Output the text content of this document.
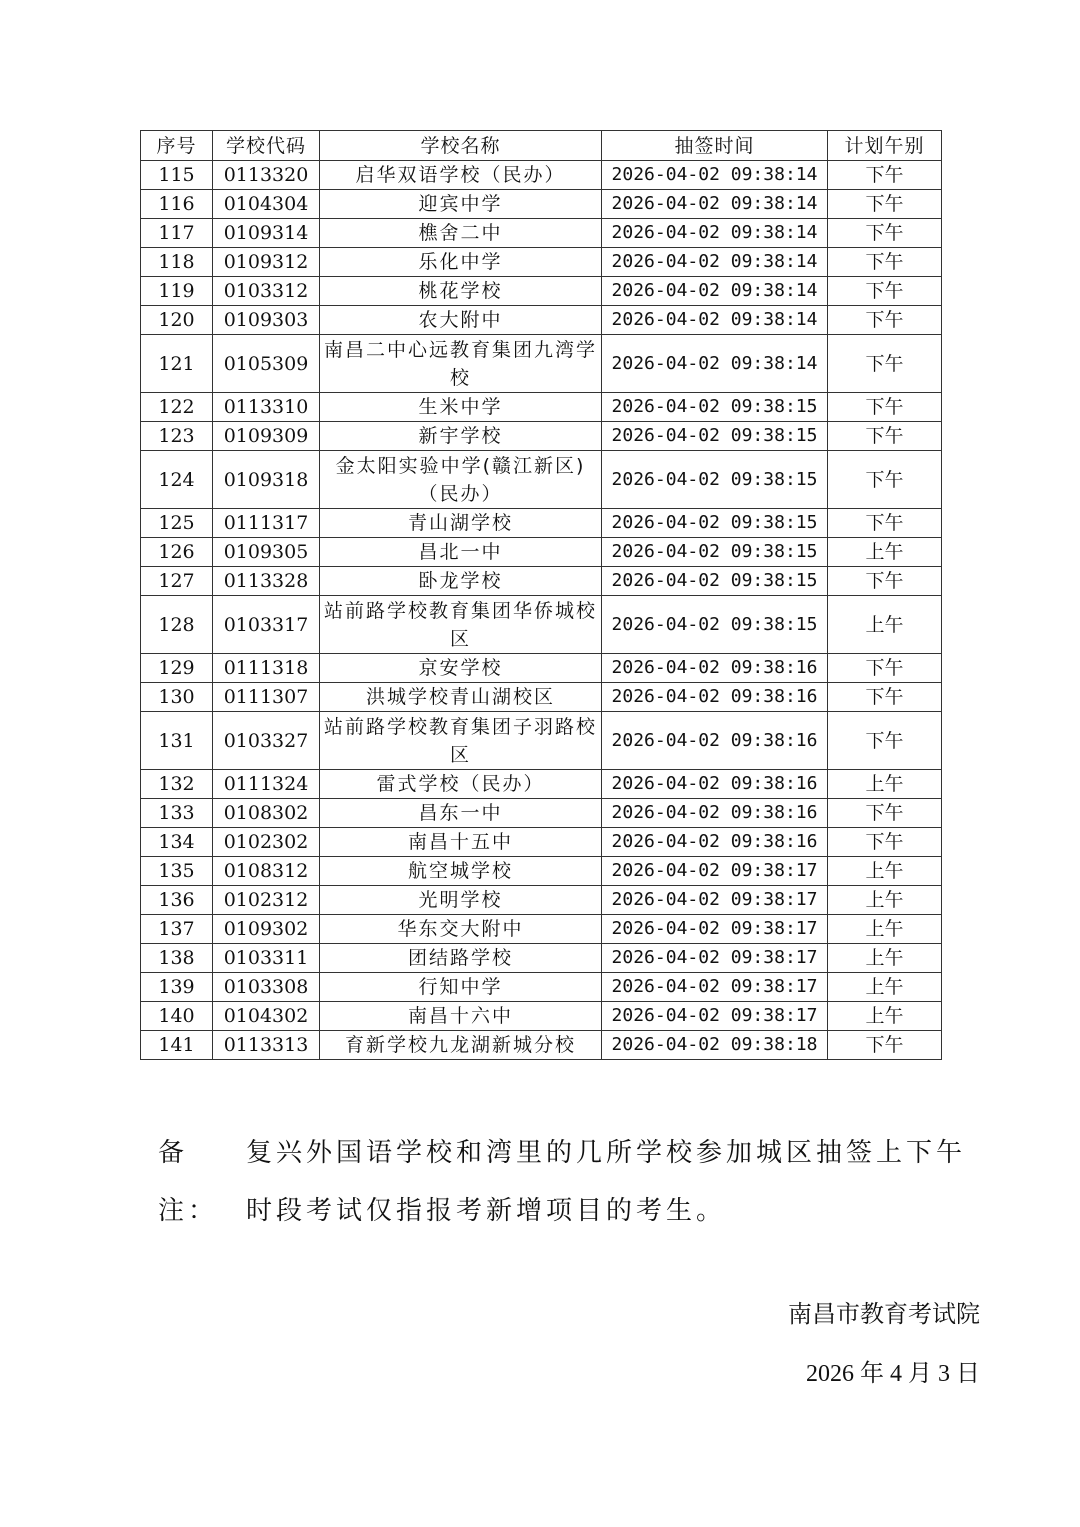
序号	学校代码	学校名称	抽签时间	计划午别
115	0113320	启华双语学校（民办）	2026-04-02 09:38:14	下午
116	0104304	迎宾中学	2026-04-02 09:38:14	下午
117	0109314	樵舍二中	2026-04-02 09:38:14	下午
118	0109312	乐化中学	2026-04-02 09:38:14	下午
119	0103312	桃花学校	2026-04-02 09:38:14	下午
120	0109303	农大附中	2026-04-02 09:38:14	下午
121	0105309	南昌二中心远教育集团九湾学校	2026-04-02 09:38:14	下午
122	0113310	生米中学	2026-04-02 09:38:15	下午
123	0109309	新宇学校	2026-04-02 09:38:15	下午
124	0109318	金太阳实验中学(赣江新区)（民办）	2026-04-02 09:38:15	下午
125	0111317	青山湖学校	2026-04-02 09:38:15	下午
126	0109305	昌北一中	2026-04-02 09:38:15	上午
127	0113328	卧龙学校	2026-04-02 09:38:15	下午
128	0103317	站前路学校教育集团华侨城校区	2026-04-02 09:38:15	上午
129	0111318	京安学校	2026-04-02 09:38:16	下午
130	0111307	洪城学校青山湖校区	2026-04-02 09:38:16	下午
131	0103327	站前路学校教育集团子羽路校区	2026-04-02 09:38:16	下午
132	0111324	雷式学校（民办）	2026-04-02 09:38:16	上午
133	0108302	昌东一中	2026-04-02 09:38:16	下午
134	0102302	南昌十五中	2026-04-02 09:38:16	下午
135	0108312	航空城学校	2026-04-02 09:38:17	上午
136	0102312	光明学校	2026-04-02 09:38:17	上午
137	0109302	华东交大附中	2026-04-02 09:38:17	上午
138	0103311	团结路学校	2026-04-02 09:38:17	上午
139	0103308	行知中学	2026-04-02 09:38:17	上午
140	0104302	南昌十六中	2026-04-02 09:38:17	上午
141	0113313	育新学校九龙湖新城分校	2026-04-02 09:38:18	下午
备注：
复兴外国语学校和湾里的几所学校参加城区抽签上下午时段考试仅指报考新增项目的考生。
南昌市教育考试院
2026 年 4 月 3 日
